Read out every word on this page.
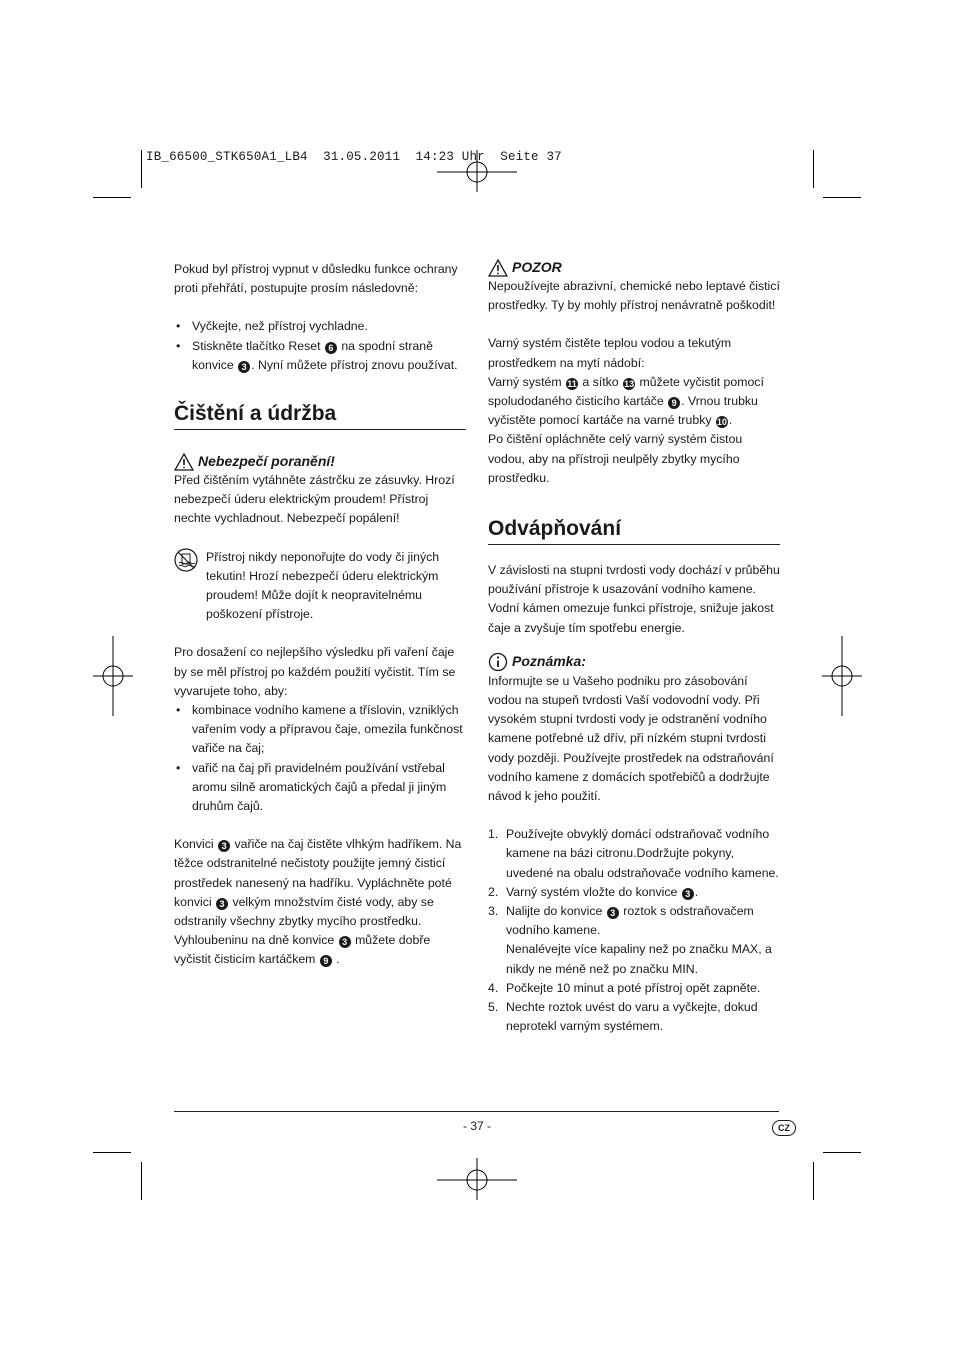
IB_66500_STK650A1_LB4  31.05.2011  14:23 Uhr  Seite 37

Pokud byl přístroj vypnut v důsledku funkce ochrany proti přehřátí, postupujte prosím následovně:

• Vyčkejte, než přístroj vychladne.
• Stiskněte tlačítko Reset 6 na spodní straně konvice 3 . Nyní můžete přístroj znovu používat.
Čištění a údržba
Nebezpečí poranění!

Před čištěním vytáhněte zástrčku ze zásuvky. Hrozí nebezpečí úderu elektrickým proudem! Přístroj nechte vychladnout. Nebezpečí popálení!

Přístroj nikdy neponořujte do vody či jiných tekutin! Hrozí nebezpečí úderu elektrickým proudem! Může dojít k neopravitelnému poškození přístroje.

Pro dosažení co nejlepšího výsledku při vaření čaje by se měl přístroj po každém použití vyčistit. Tím se vyvarujete toho, aby:

• kombinace vodního kamene a tříslovin, vzniklých vařením vody a přípravou čaje, omezila funkčnost vařiče na čaj;
• vařič na čaj při pravidelném používání vstřebal aromu silně aromatických čajů a předal ji jiným druhům čajů.

Konvici 3 vařiče na čaj čistěte vlhkým hadříkem. Na těžce odstranitelné nečistoty použijte jemný čisticí prostředek nanesený na hadříku. Vypláchněte poté konvici 3 velkým množstvím čisté vody, aby se odstranily všechny zbytky mycího prostředku. Vyhloubeninu na dně konvice 3 můžete dobře vyčistit čisticím kartáčkem 9 .

POZOR

Nepoužívejte abrazivní, chemické nebo leptavé čisticí prostředky. Ty by mohly přístroj nenávratně poškodit!

Varný systém čistěte teplou vodou a tekutým prostředkem na mytí nádobí:

Varný systém 11 a sítko 13 můžete vyčistit pomocí spoludodaného čisticího kartáče 9 . Vrnou trubku vyčistěte pomocí kartáče na varné trubky 10 .

Po čištění opláchněte celý varný systém čistou vodou, aby na přístroji neulpěly zbytky mycího prostředku.

Odvápňování

V závislosti na stupni tvrdosti vody dochází v průběhu používání přístroje k usazování vodního kamene. Vodní kámen omezuje funkci přístroje, snižuje jakost čaje a zvyšuje tím spotřebu energie.

Poznámka:

Informujte se u Vašeho podniku pro zásobování vodou na stupeň tvrdosti Vaší vodovodní vody. Při vysokém stupni tvrdosti vody je odstranění vodního kamene potřebné už dřív, při nízkém stupni tvrdosti vody později. Používejte prostředek na odstraňování vodního kamene z domácích spotřebičů a dodržujte návod k jeho použití.

1. Používejte obvyklý domácí odstraňovač vodního kamene na bázi citronu.Dodržujte pokyny, uvedené na obalu odstraňovače vodního kamene.
2. Varný systém vložte do konvice 3 .
3. Nalijte do konvice 3 roztok s odstraňovačem vodního kamene.
Nenalévejte více kapaliny než po značku MAX, a nikdy ne méně než po značku MIN.
4. Počkejte 10 minut a poté přístroj opět zapněte.
5. Nechte roztok uvést do varu a vyčkejte, dokud neprotekl varným systémem.
- 37 -	CZ
